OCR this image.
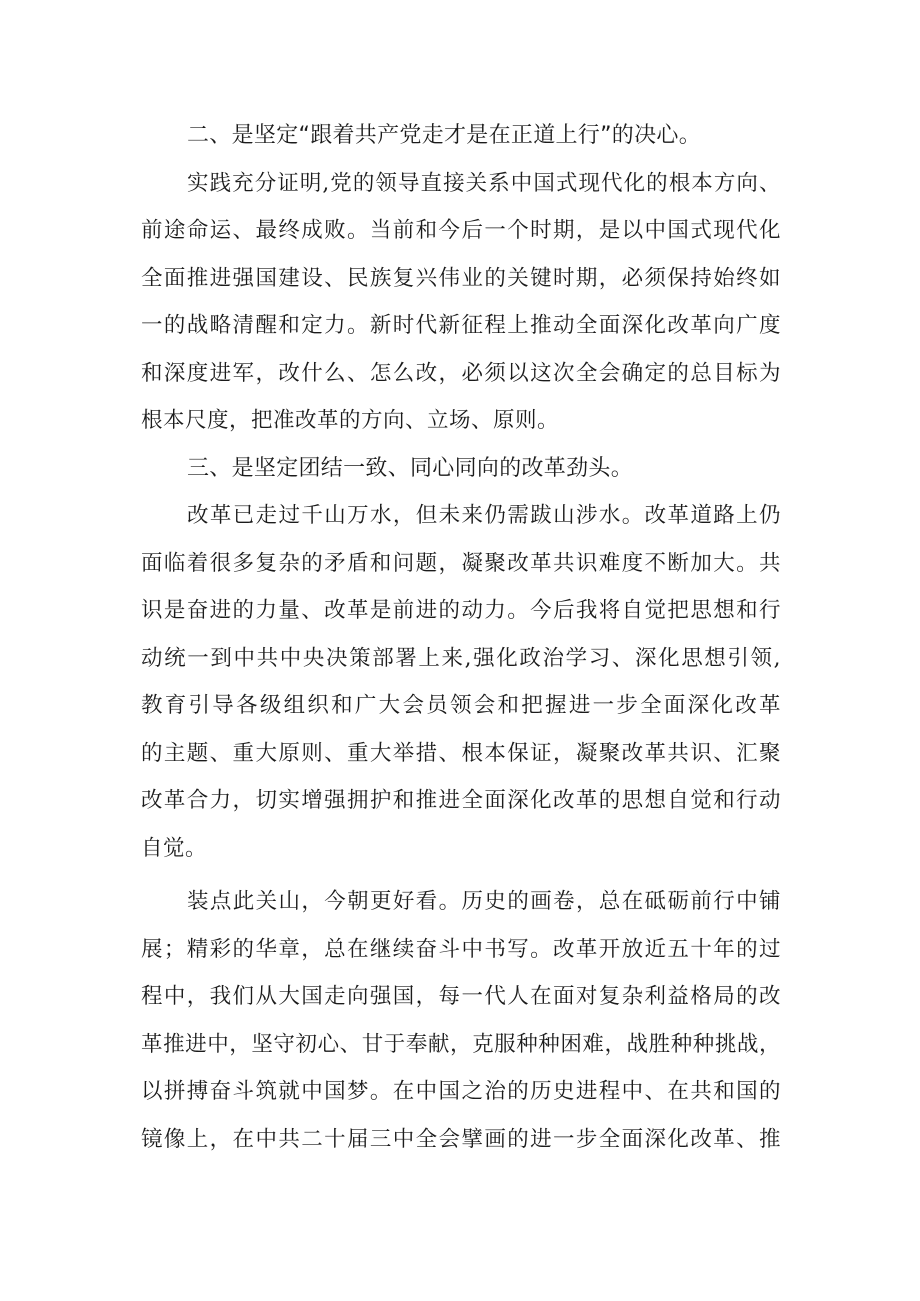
二、是坚定“跟着共产党走才是在正道上行”的决心。
实践充分证明,党的领导直接关系中国式现代化的根本方向、
前途命运、最终成败。当前和今后一个时期，是以中国式现代化
全面推进强国建设、民族复兴伟业的关键时期，必须保持始终如
一的战略清醒和定力。新时代新征程上推动全面深化改革向广度
和深度进军，改什么、怎么改，必须以这次全会确定的总目标为
根本尺度，把准改革的方向、立场、原则。
三、是坚定团结一致、同心同向的改革劲头。
改革已走过千山万水，但未来仍需跋山涉水。改革道路上仍
面临着很多复杂的矛盾和问题，凝聚改革共识难度不断加大。共
识是奋进的力量、改革是前进的动力。今后我将自觉把思想和行
动统一到中共中央决策部署上来,强化政治学习、深化思想引领,
教育引导各级组织和广大会员领会和把握进一步全面深化改革
的主题、重大原则、重大举措、根本保证，凝聚改革共识、汇聚
改革合力，切实增强拥护和推进全面深化改革的思想自觉和行动
自觉。
装点此关山，今朝更好看。历史的画卷，总在砥砺前行中铺
展；精彩的华章，总在继续奋斗中书写。改革开放近五十年的过
程中，我们从大国走向强国，每一代人在面对复杂利益格局的改
革推进中，坚守初心、甘于奉献，克服种种困难，战胜种种挑战，
以拼搏奋斗筑就中国梦。在中国之治的历史进程中、在共和国的
镜像上，在中共二十届三中全会擘画的进一步全面深化改革、推
